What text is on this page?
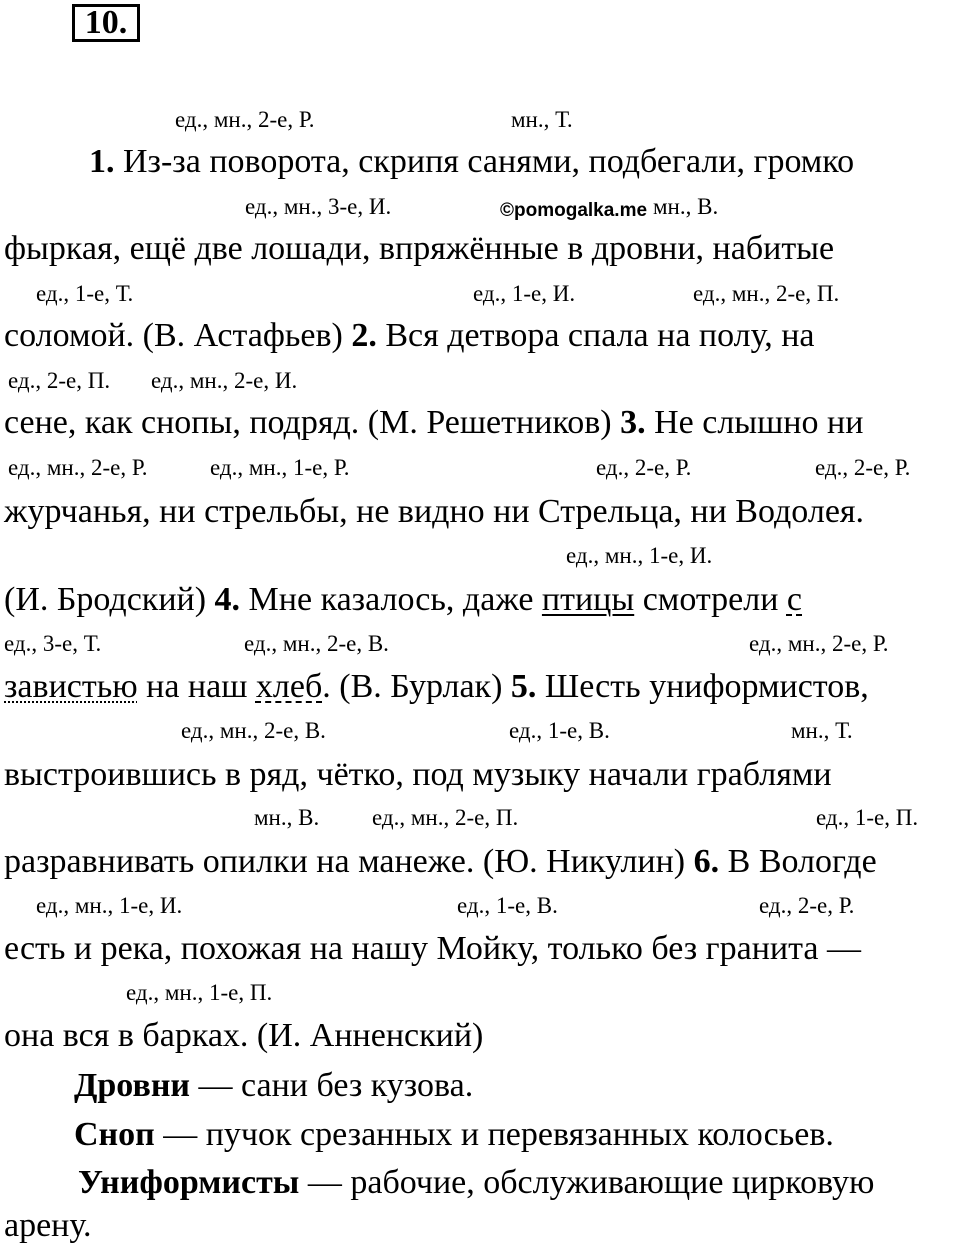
10.
ед., мн., 2-е, Р.	мн., Т.
1. Из-за поворота, скрипя санями, подбегали, громко
ед., мн., 3-е, И.	©pomogalka.me мн., В.
фыркая, ещё две лошади, впряжённые в дровни, набитые
ед., 1-е, Т.	ед., 1-е, И.	ед., мн., 2-е, П.
соломой. (В. Астафьев) 2. Вся детвора спала на полу, на
ед., 2-е, П. ед., мн., 2-е, И.
сене, как снопы, подряд. (М. Решетников) 3. Не слышно ни
ед., мн., 2-е, Р.	ед., мн., 1-е, Р.	ед., 2-е, Р.	ед., 2-е, Р.
журчанья, ни стрельбы, не видно ни Стрельца, ни Водолея.
ед., мн., 1-е, И.
(И. Бродский) 4. Мне казалось, даже птицы смотрели с
ед., 3-е, Т.	ед., мн., 2-е, В.	ед., мн., 2-е, Р.
завистью на наш хлеб. (В. Бурлак) 5. Шесть униформистов,
ед., мн., 2-е, В.	ед., 1-е, В.	мн., Т.
выстроившись в ряд, чётко, под музыку начали граблями
мн., В. ед., мн., 2-е, П.	ед., 1-е, П.
разравнивать опилки на манеже. (Ю. Никулин) 6. В Вологде
ед., мн., 1-е, И.	ед., 1-е, В.	ед., 2-е, Р.
есть и река, похожая на нашу Мойку, только без гранита —
ед., мн., 1-е, П.
она вся в барках. (И. Анненский)
Дровни — сани без кузова.
Сноп — пучок срезанных и перевязанных колосьев.
Униформисты — рабочие, обслуживающие цирковую
арену.
